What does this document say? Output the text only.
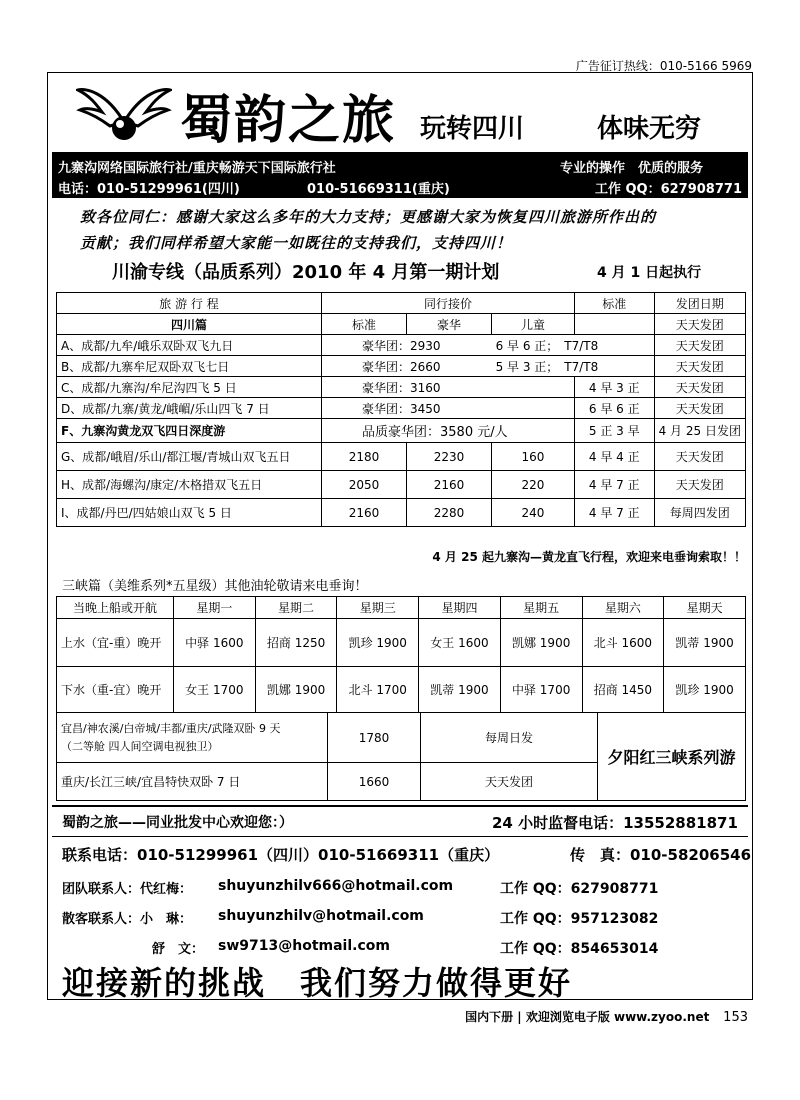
广告征订热线：010-5166 5969
蜀韵之旅 玩转四川	体味无穷
九寨沟网络国际旅行社/重庆畅游天下国际旅行社	专业的操作　优质的服务
电话：010-51299961(四川)	010-51669311(重庆)	工作 QQ：627908771
致各位同仁：感谢大家这么多年的大力支持；更感谢大家为恢复四川旅游所作出的
贡献；我们同样希望大家能一如既往的支持我们，支持四川！
川渝专线（品质系列）2010 年 4 月第一期计划	4 月 1 日起执行
旅 游 行 程	同行接价			标准	发团日期
四川篇	标准	豪华	儿童		天天发团
A、成都/九牟/峨乐双卧双飞九日	豪华团：2930		6 早 6 正；　T7/T8		天天发团
B、成都/九寨牟尼双卧双飞七日	豪华团：2660		5 早 3 正；　T7/T8		天天发团
C、成都/九寨沟/牟尼沟四飞 5 日	豪华团：3160			4 早 3 正	天天发团
D、成都/九寨/黄龙/峨嵋/乐山四飞 7 日	豪华团：3450			6 早 6 正	天天发团
F、九寨沟黄龙双飞四日深度游	品质豪华团：3580 元/人			5 正 3 早	4 月 25 日发团
G、成都/峨眉/乐山/都江堰/青城山双飞五日	2180	2230	160	4 早 4 正	天天发团
H、成都/海螺沟/康定/木格措双飞五日	2050	2160	220	4 早 7 正	天天发团
I、成都/丹巴/四姑娘山双飞 5 日	2160	2280	240	4 早 7 正	每周四发团
4 月 25 起九寨沟—黄龙直飞行程，欢迎来电垂询索取！！
三峡篇（美维系列*五星级）其他油轮敬请来电垂询！
当晚上船或开航	星期一	星期二	星期三	星期四	星期五	星期六	星期天
上水（宜-重）晚开	中驿 1600	招商 1250	凯珍 1900	女王 1600	凯娜 1900	北斗 1600	凯蒂 1900
下水（重-宜）晚开	女王 1700	凯娜 1900	北斗 1700	凯蒂 1900	中驿 1700	招商 1450	凯珍 1900
宜昌/神农溪/白帝城/丰都/重庆/武隆双卧 9 天
（二等舱 四人间空调电视独卫）	1780	每周日发	夕阳红三峡系列游
重庆/长江三峡/宜昌特快双卧 7 日	1660	天天发团	
蜀韵之旅——同业批发中心欢迎您：）	24 小时监督电话：13552881871
联系电话：010-51299961（四川）010-51669311（重庆）	传　真：010-58206546
团队联系人：代红梅： shuyunzhilv666@hotmail.com	工作 QQ：627908771
散客联系人：小　琳： shuyunzhilv@hotmail.com	工作 QQ：957123082
舒　文： sw9713@hotmail.com	工作 QQ：854653014
迎接新的挑战　我们努力做得更好
国内下册 | 欢迎浏览电子版 www.zyoo.net 153
